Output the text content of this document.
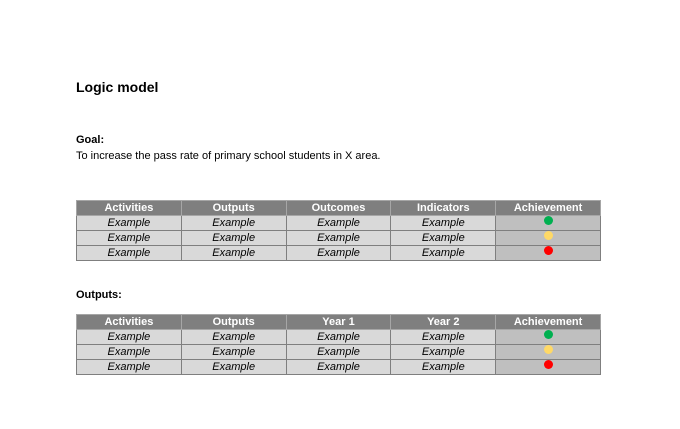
Logic model
Goal:
To increase the pass rate of primary school students in X area.
Activities	Outputs	Outcomes	Indicators	Achievement
Example	Example	Example	Example	
Example	Example	Example	Example	
Example	Example	Example	Example	
Outputs:
Activities	Outputs	Year 1	Year 2	Achievement
Example	Example	Example	Example	
Example	Example	Example	Example	
Example	Example	Example	Example	
